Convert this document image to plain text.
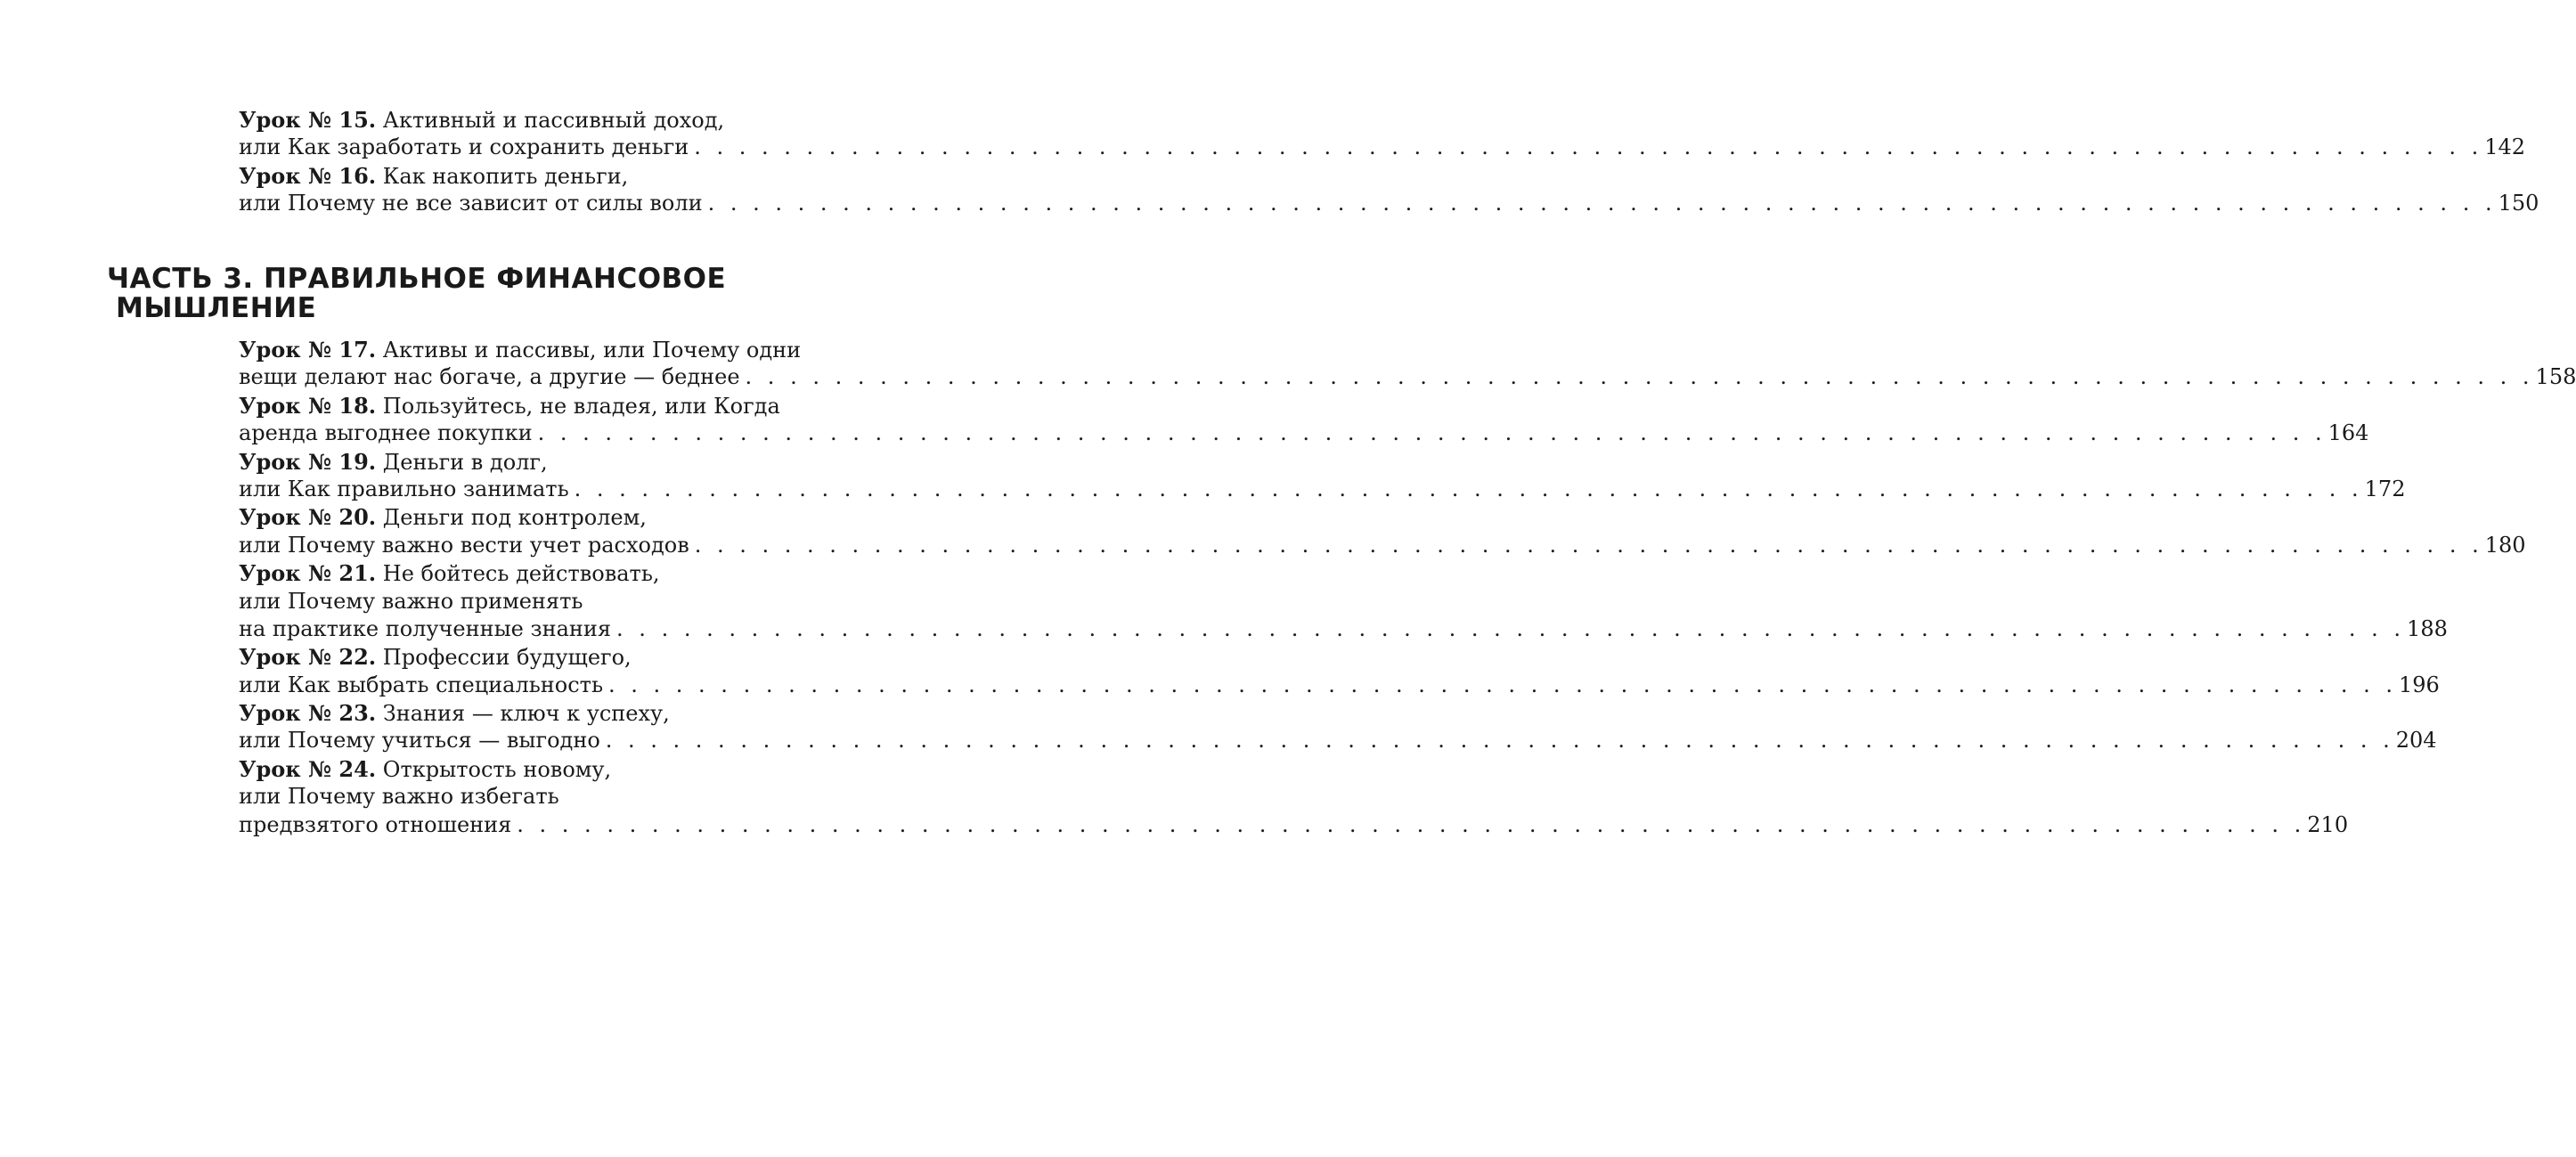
Урок № 15. Активный и пассивный доход,
или Как заработать и сохранить деньги . . . . . . . . . . . . . . . . . . . . . . . . . . . . . . . . . . . . . . . . . . . . . . . . . . . . . . . . . . . . . . . . . . . . . . . . . . . . . . . . 142
Урок № 16. Как накопить деньги,
или Почему не все зависит от силы воли . . . . . . . . . . . . . . . . . . . . . . . . . . . . . . . . . . . . . . . . . . . . . . . . . . . . . . . . . . . . . . . . . . . . . . . . . . . . . . . . 150
ЧАСТЬ 3. ПРАВИЛЬНОЕ ФИНАНСОВОЕ
МЫШЛЕНИЕ
Урок № 17. Активы и пассивы, или Почему одни
вещи делают нас богаче, а другие — беднее . . . . . . . . . . . . . . . . . . . . . . . . . . . . . . . . . . . . . . . . . . . . . . . . . . . . . . . . . . . . . . . . . . . . . . . . . . . . . . . . 158
Урок № 18. Пользуйтесь, не владея, или Когда
аренда выгоднее покупки . . . . . . . . . . . . . . . . . . . . . . . . . . . . . . . . . . . . . . . . . . . . . . . . . . . . . . . . . . . . . . . . . . . . . . . . . . . . . . . . 164
Урок № 19. Деньги в долг,
или Как правильно занимать . . . . . . . . . . . . . . . . . . . . . . . . . . . . . . . . . . . . . . . . . . . . . . . . . . . . . . . . . . . . . . . . . . . . . . . . . . . . . . . . 172
Урок № 20. Деньги под контролем,
или Почему важно вести учет расходов . . . . . . . . . . . . . . . . . . . . . . . . . . . . . . . . . . . . . . . . . . . . . . . . . . . . . . . . . . . . . . . . . . . . . . . . . . . . . . . . 180
Урок № 21. Не бойтесь действовать,
или Почему важно применять
на практике полученные знания . . . . . . . . . . . . . . . . . . . . . . . . . . . . . . . . . . . . . . . . . . . . . . . . . . . . . . . . . . . . . . . . . . . . . . . . . . . . . . . . 188
Урок № 22. Профессии будущего,
или Как выбрать специальность . . . . . . . . . . . . . . . . . . . . . . . . . . . . . . . . . . . . . . . . . . . . . . . . . . . . . . . . . . . . . . . . . . . . . . . . . . . . . . . . 196
Урок № 23. Знания — ключ к успеху,
или Почему учиться — выгодно . . . . . . . . . . . . . . . . . . . . . . . . . . . . . . . . . . . . . . . . . . . . . . . . . . . . . . . . . . . . . . . . . . . . . . . . . . . . . . . . 204
Урок № 24. Открытость новому,
или Почему важно избегать
предвзятого отношения . . . . . . . . . . . . . . . . . . . . . . . . . . . . . . . . . . . . . . . . . . . . . . . . . . . . . . . . . . . . . . . . . . . . . . . . . . . . . . . . 210
